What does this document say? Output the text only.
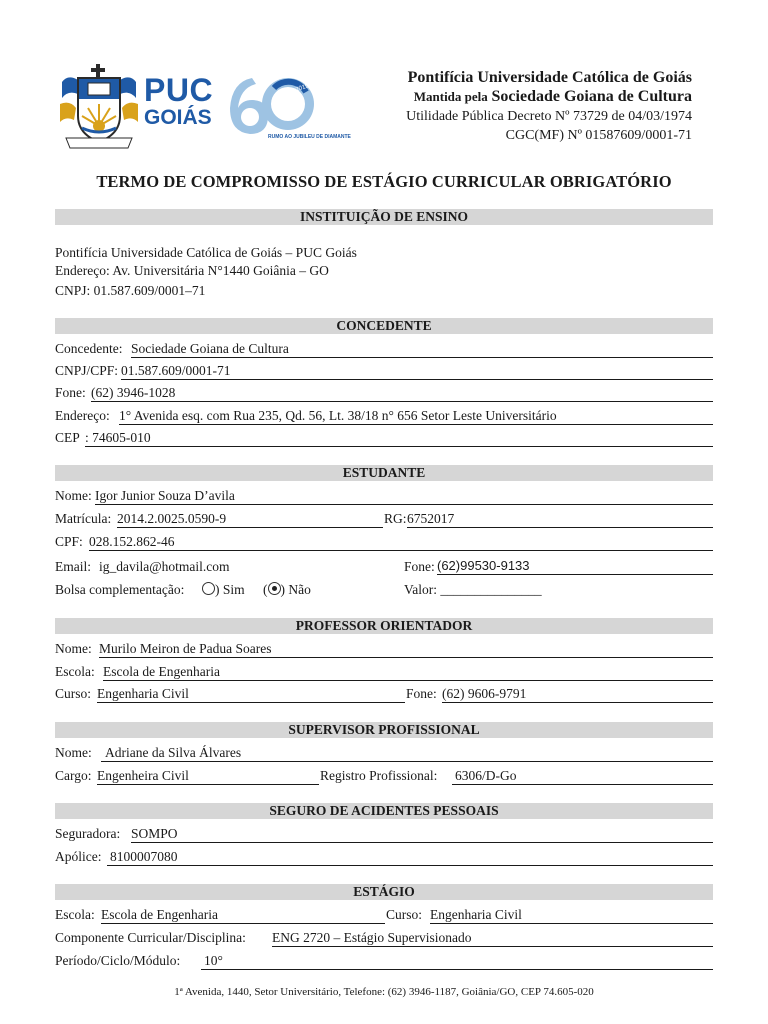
PUC
GOIÁS
1959 - 2019
RUMO AO JUBILEU DE DIAMANTE
Pontifícia Universidade Católica de Goiás
Mantida pela Sociedade Goiana de Cultura
Utilidade Pública Decreto Nº 73729 de 04/03/1974
CGC(MF) Nº 01587609/0001-71
TERMO DE COMPROMISSO DE ESTÁGIO CURRICULAR OBRIGATÓRIO
INSTITUIÇÃO DE ENSINO
Pontifícia Universidade Católica de Goiás – PUC Goiás
Endereço: Av. Universitária N°1440 Goiânia – GO
CNPJ: 01.587.609/0001–71
CONCEDENTE
Concedente: Sociedade Goiana de Cultura
CNPJ/CPF: 01.587.609/0001-71
Fone: (62) 3946-1028
Endereço: 1° Avenida esq. com Rua 235, Qd. 56, Lt. 38/18 n° 656 Setor Leste Universitário
CEP : 74605-010
ESTUDANTE
Nome: Igor Junior Souza D’avila
Matrícula: 2014.2.0025.0590-9	RG: 6752017
CPF: 028.152.862-46
Email: ig_davila@hotmail.com	Fone: (62)99530-9133
Bolsa complementação:	) Sim ( ) Não	Valor: _______________
PROFESSOR ORIENTADOR
Nome: Murilo Meiron de Padua Soares
Escola: Escola de Engenharia
Curso: Engenharia Civil	Fone: (62) 9606-9791
SUPERVISOR PROFISSIONAL
Nome: Adriane da Silva Álvares
Cargo: Engenheira Civil	Registro Profissional: 6306/D-Go
SEGURO DE ACIDENTES PESSOAIS
Seguradora: SOMPO
Apólice: 8100007080
ESTÁGIO
Escola: Escola de Engenharia	Curso: Engenharia Civil
Componente Curricular/Disciplina: ENG 2720 – Estágio Supervisionado
Período/Ciclo/Módulo: 10°
1ª Avenida, 1440, Setor Universitário, Telefone: (62) 3946-1187, Goiânia/GO, CEP 74.605-020
